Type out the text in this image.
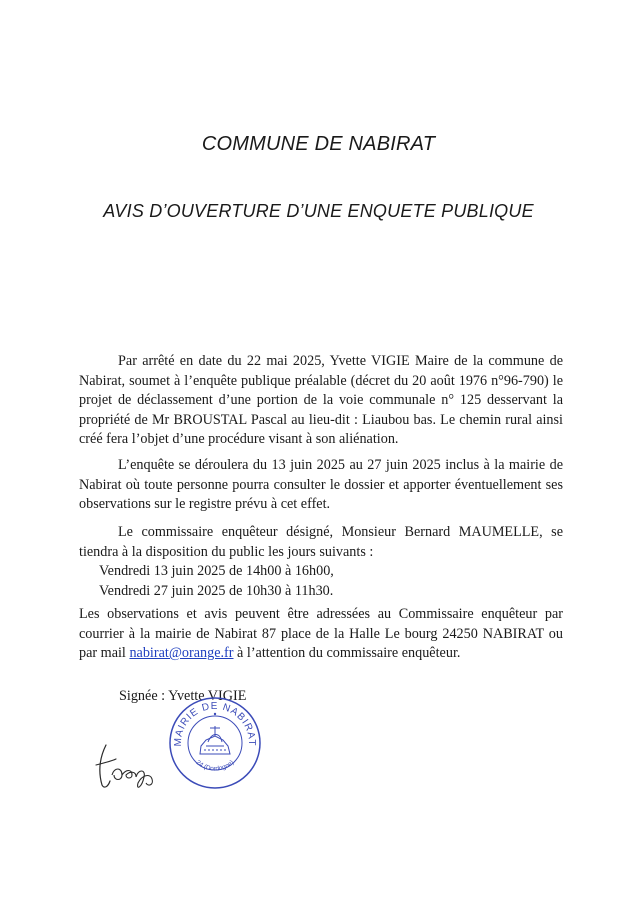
COMMUNE DE NABIRAT
AVIS D’OUVERTURE D’UNE ENQUETE PUBLIQUE

Par arrêté en date du 22 mai 2025, Yvette VIGIE Maire de la commune de Nabirat, soumet à l’enquête publique préalable (décret du 20 août 1976 n°96-790) le projet de déclassement d’une portion de la voie communale n° 125 desservant la propriété de Mr BROUSTAL Pascal au lieu-dit : Liaubou bas. Le chemin rural ainsi créé fera l’objet d’une procédure visant à son aliénation.

L’enquête se déroulera du 13 juin 2025 au 27 juin 2025 inclus à la mairie de Nabirat où toute personne pourra consulter le dossier et apporter éventuellement ses observations sur le registre prévu à cet effet.

Le commissaire enquêteur désigné, Monsieur Bernard MAUMELLE, se tiendra à la disposition du public les jours suivants :
Vendredi 13 juin 2025 de 14h00 à 16h00,
Vendredi 27 juin 2025 de 10h30 à 11h30.

Les observations et avis peuvent être adressées au Commissaire enquêteur par courrier à la mairie de Nabirat 87 place de la Halle Le bourg 24250 NABIRAT ou par mail nabirat@orange.fr à l’attention du commissaire enquêteur.

Signée : Yvette VIGIE
MAIRIE DE NABIRAT
24 (Dordogne)
